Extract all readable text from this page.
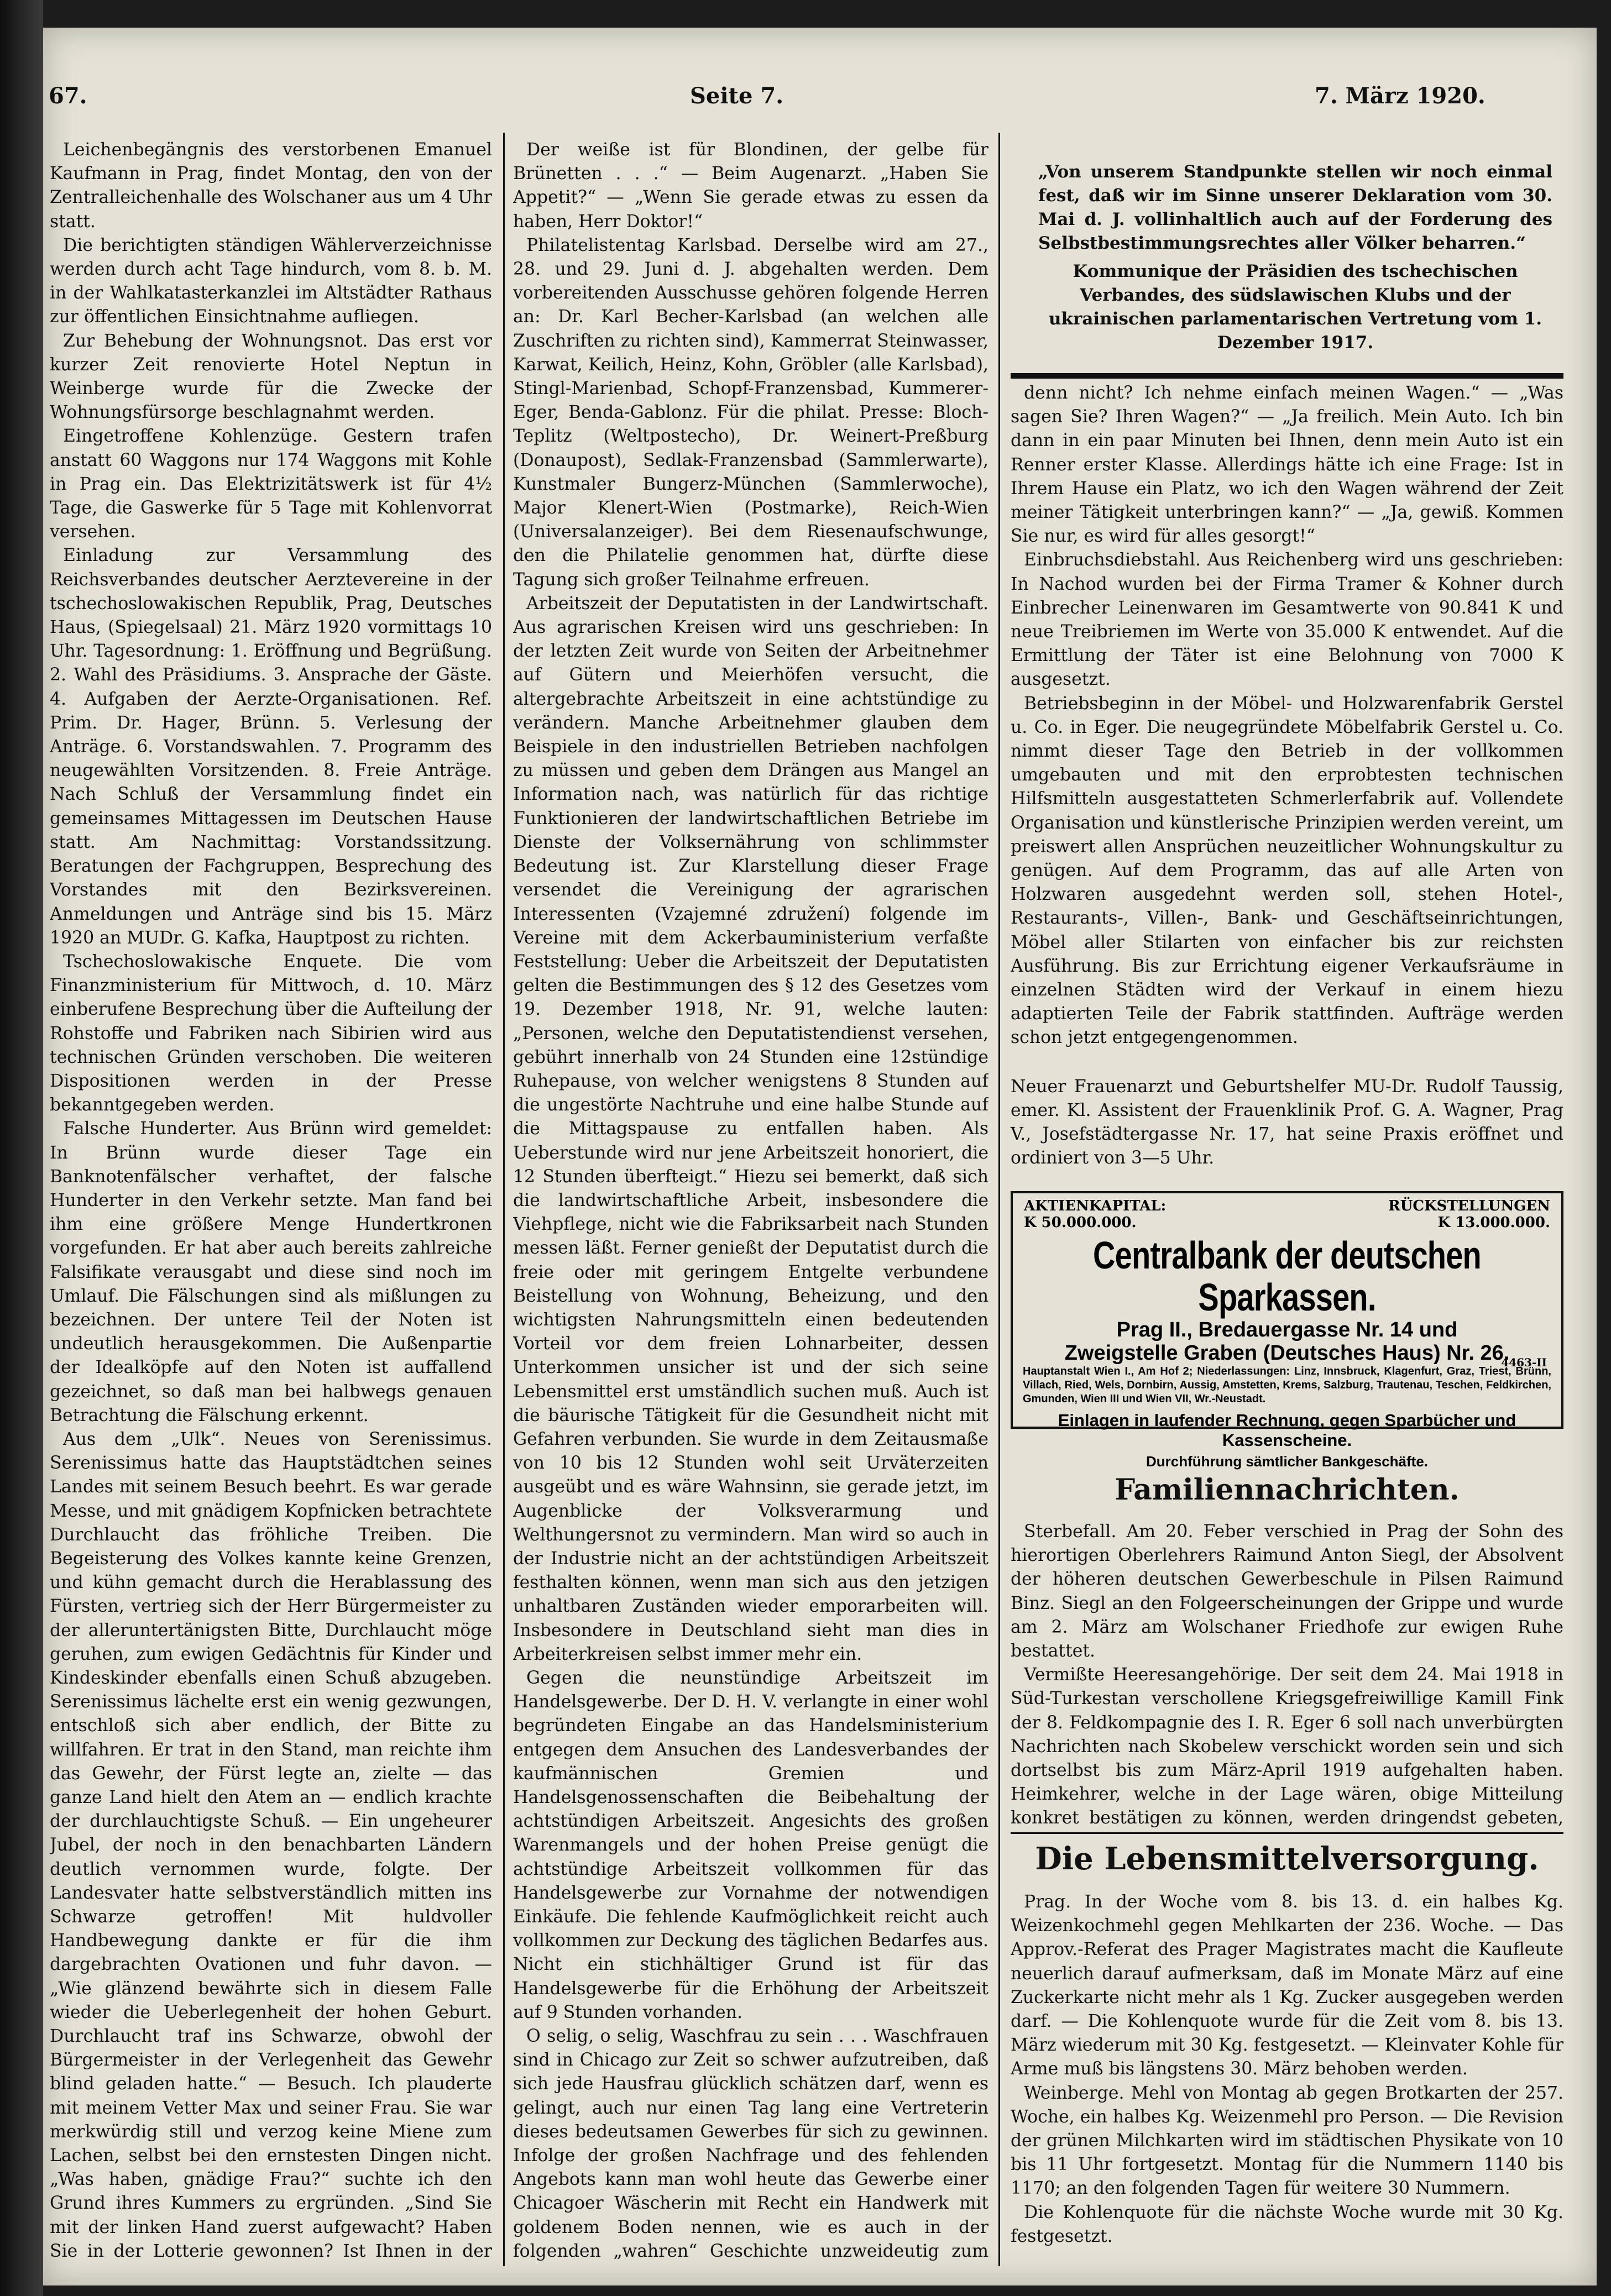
67.	Seite 7.	7. März 1920.

Leichenbegängnis des verstorbenen Emanuel Kaufmann in Prag, findet Montag, den von der Zentralleichenhalle des Wolschaner aus um 4 Uhr statt.

Die berichtigten ständigen Wählerverzeichnisse werden durch acht Tage hindurch, vom 8. b. M. in der Wahlkatasterkanzlei im Altstädter Rathaus zur öffentlichen Einsichtnahme aufliegen.

Zur Behebung der Wohnungsnot. Das erst vor kurzer Zeit renovierte Hotel Neptun in Weinberge wurde für die Zwecke der Wohnungsfürsorge beschlagnahmt werden.

Eingetroffene Kohlenzüge. Gestern trafen anstatt 60 Waggons nur 174 Waggons mit Kohle in Prag ein. Das Elektrizitätswerk ist für 4½ Tage, die Gaswerke für 5 Tage mit Kohlenvorrat versehen.

Einladung zur Versammlung des Reichsverbandes deutscher Aerztevereine in der tschechoslowakischen Republik, Prag, Deutsches Haus, (Spiegelsaal) 21. März 1920 vormittags 10 Uhr. Tagesordnung: 1. Eröffnung und Begrüßung. 2. Wahl des Präsidiums. 3. Ansprache der Gäste. 4. Aufgaben der Aerzte-Organisationen. Ref. Prim. Dr. Hager, Brünn. 5. Verlesung der Anträge. 6. Vorstandswahlen. 7. Programm des neugewählten Vorsitzenden. 8. Freie Anträge. Nach Schluß der Versammlung findet ein gemeinsames Mittagessen im Deutschen Hause statt. Am Nachmittag: Vorstandssitzung. Beratungen der Fachgruppen, Besprechung des Vorstandes mit den Bezirksvereinen. Anmeldungen und Anträge sind bis 15. März 1920 an MUDr. G. Kafka, Hauptpost zu richten.

Tschechoslowakische Enquete. Die vom Finanzministerium für Mittwoch, d. 10. März einberufene Besprechung über die Aufteilung der Rohstoffe und Fabriken nach Sibirien wird aus technischen Gründen verschoben. Die weiteren Dispositionen werden in der Presse bekanntgegeben werden.

Falsche Hunderter. Aus Brünn wird gemeldet: In Brünn wurde dieser Tage ein Banknotenfälscher verhaftet, der falsche Hunderter in den Verkehr setzte. Man fand bei ihm eine größere Menge Hundertkronen vorgefunden. Er hat aber auch bereits zahlreiche Falsifikate verausgabt und diese sind noch im Umlauf. Die Fälschungen sind als mißlungen zu bezeichnen. Der untere Teil der Noten ist undeutlich herausgekommen. Die Außenpartie der Idealköpfe auf den Noten ist auffallend gezeichnet, so daß man bei halbwegs genauen Betrachtung die Fälschung erkennt.

Aus dem „Ulk“. Neues von Serenissimus. Serenissimus hatte das Hauptstädtchen seines Landes mit seinem Besuch beehrt. Es war gerade Messe, und mit gnädigem Kopfnicken betrachtete Durchlaucht das fröhliche Treiben. Die Begeisterung des Volkes kannte keine Grenzen, und kühn gemacht durch die Herablassung des Fürsten, vertrieg sich der Herr Bürgermeister zu der alleruntertänigsten Bitte, Durchlaucht möge geruhen, zum ewigen Gedächtnis für Kinder und Kindeskinder ebenfalls einen Schuß abzugeben. Serenissimus lächelte erst ein wenig gezwungen, entschloß sich aber endlich, der Bitte zu willfahren. Er trat in den Stand, man reichte ihm das Gewehr, der Fürst legte an, zielte — das ganze Land hielt den Atem an — endlich krachte der durchlauchtigste Schuß. — Ein ungeheurer Jubel, der noch in den benachbarten Ländern deutlich vernommen wurde, folgte. Der Landesvater hatte selbstverständlich mitten ins Schwarze getroffen! Mit huldvoller Handbewegung dankte er für die ihm dargebrachten Ovationen und fuhr davon. — „Wie glänzend bewährte sich in diesem Falle wieder die Ueberlegenheit der hohen Geburt. Durchlaucht traf ins Schwarze, obwohl der Bürgermeister in der Verlegenheit das Gewehr blind geladen hatte.“ — Besuch. Ich plauderte mit meinem Vetter Max und seiner Frau. Sie war merkwürdig still und verzog keine Miene zum Lachen, selbst bei den ernstesten Dingen nicht. „Was haben, gnädige Frau?“ suchte ich den Grund ihres Kummers zu ergründen. „Sind Sie mit der linken Hand zuerst aufgewacht? Haben Sie in der Lotterie gewonnen? Ist Ihnen in der

Der weiße ist für Blondinen, der gelbe für Brünetten . . .“ — Beim Augenarzt. „Haben Sie Appetit?“ — „Wenn Sie gerade etwas zu essen da haben, Herr Doktor!“

Philatelistentag Karlsbad. Derselbe wird am 27., 28. und 29. Juni d. J. abgehalten werden. Dem vorbereitenden Ausschusse gehören folgende Herren an: Dr. Karl Becher-Karlsbad (an welchen alle Zuschriften zu richten sind), Kammerrat Steinwasser, Karwat, Keilich, Heinz, Kohn, Gröbler (alle Karlsbad), Stingl-Marienbad, Schopf-Franzensbad, Kummerer-Eger, Benda-Gablonz. Für die philat. Presse: Bloch-Teplitz (Weltpostecho), Dr. Weinert-Preßburg (Donaupost), Sedlak-Franzensbad (Sammlerwarte), Kunstmaler Bungerz-München (Sammlerwoche), Major Klenert-Wien (Postmarke), Reich-Wien (Universalanzeiger). Bei dem Riesenaufschwunge, den die Philatelie genommen hat, dürfte diese Tagung sich großer Teilnahme erfreuen.

Arbeitszeit der Deputatisten in der Landwirtschaft. Aus agrarischen Kreisen wird uns geschrieben: In der letzten Zeit wurde von Seiten der Arbeitnehmer auf Gütern und Meierhöfen versucht, die altergebrachte Arbeitszeit in eine achtstündige zu verändern. Manche Arbeitnehmer glauben dem Beispiele in den industriellen Betrieben nachfolgen zu müssen und geben dem Drängen aus Mangel an Information nach, was natürlich für das richtige Funktionieren der landwirtschaftlichen Betriebe im Dienste der Volksernährung von schlimmster Bedeutung ist. Zur Klarstellung dieser Frage versendet die Vereinigung der agrarischen Interessenten (Vzajemné združení) folgende im Vereine mit dem Ackerbauministerium verfaßte Feststellung: Ueber die Arbeitszeit der Deputatisten gelten die Bestimmungen des § 12 des Gesetzes vom 19. Dezember 1918, Nr. 91, welche lauten: „Personen, welche den Deputatistendienst versehen, gebührt innerhalb von 24 Stunden eine 12stündige Ruhepause, von welcher wenigstens 8 Stunden auf die ungestörte Nachtruhe und eine halbe Stunde auf die Mittagspause zu entfallen haben. Als Ueberstunde wird nur jene Arbeitszeit honoriert, die 12 Stunden überfteigt.“ Hiezu sei bemerkt, daß sich die landwirtschaftliche Arbeit, insbesondere die Viehpflege, nicht wie die Fabriksarbeit nach Stunden messen läßt. Ferner genießt der Deputatist durch die freie oder mit geringem Entgelte verbundene Beistellung von Wohnung, Beheizung, und den wichtigsten Nahrungsmitteln einen bedeutenden Vorteil vor dem freien Lohnarbeiter, dessen Unterkommen unsicher ist und der sich seine Lebensmittel erst umständlich suchen muß. Auch ist die bäurische Tätigkeit für die Gesundheit nicht mit Gefahren verbunden. Sie wurde in dem Zeitausmaße von 10 bis 12 Stunden wohl seit Urväterzeiten ausgeübt und es wäre Wahnsinn, sie gerade jetzt, im Augenblicke der Volksverarmung und Welthungersnot zu vermindern. Man wird so auch in der Industrie nicht an der achtstündigen Arbeitszeit festhalten können, wenn man sich aus den jetzigen unhaltbaren Zuständen wieder emporarbeiten will. Insbesondere in Deutschland sieht man dies in Arbeiterkreisen selbst immer mehr ein.

Gegen die neunstündige Arbeitszeit im Handelsgewerbe. Der D. H. V. verlangte in einer wohl begründeten Eingabe an das Handelsministerium entgegen dem Ansuchen des Landesverbandes der kaufmännischen Gremien und Handelsgenossenschaften die Beibehaltung der achtstündigen Arbeitszeit. Angesichts des großen Warenmangels und der hohen Preise genügt die achtstündige Arbeitszeit vollkommen für das Handelsgewerbe zur Vornahme der notwendigen Einkäufe. Die fehlende Kaufmöglichkeit reicht auch vollkommen zur Deckung des täglichen Bedarfes aus. Nicht ein stichhältiger Grund ist für das Handelsgewerbe für die Erhöhung der Arbeitszeit auf 9 Stunden vorhanden.

O selig, o selig, Waschfrau zu sein . . . Waschfrauen sind in Chicago zur Zeit so schwer aufzutreiben, daß sich jede Hausfrau glücklich schätzen darf, wenn es gelingt, auch nur einen Tag lang eine Vertreterin dieses bedeutsamen Gewerbes für sich zu gewinnen. Infolge der großen Nachfrage und des fehlenden Angebots kann man wohl heute das Gewerbe einer Chicagoer Wäscherin mit Recht ein Handwerk mit goldenem Boden nennen, wie es auch in der folgenden „wahren“ Geschichte unzweideutig zum

„Von unserem Standpunkte stellen wir noch einmal fest, daß wir im Sinne unserer Deklaration vom 30. Mai d. J. vollinhaltlich auch auf der Forderung des Selbstbestimmungsrechtes aller Völker beharren.“
Kommunique der Präsidien des tschechischen Verbandes, des südslawischen Klubs und der ukrainischen parlamentarischen Vertretung vom 1. Dezember 1917.

denn nicht? Ich nehme einfach meinen Wagen.“ — „Was sagen Sie? Ihren Wagen?“ — „Ja freilich. Mein Auto. Ich bin dann in ein paar Minuten bei Ihnen, denn mein Auto ist ein Renner erster Klasse. Allerdings hätte ich eine Frage: Ist in Ihrem Hause ein Platz, wo ich den Wagen während der Zeit meiner Tätigkeit unterbringen kann?“ — „Ja, gewiß. Kommen Sie nur, es wird für alles gesorgt!“

Einbruchsdiebstahl. Aus Reichenberg wird uns geschrieben: In Nachod wurden bei der Firma Tramer & Kohner durch Einbrecher Leinenwaren im Gesamtwerte von 90.841 K und neue Treibriemen im Werte von 35.000 K entwendet. Auf die Ermittlung der Täter ist eine Belohnung von 7000 K ausgesetzt.

Betriebsbeginn in der Möbel- und Holzwarenfabrik Gerstel u. Co. in Eger. Die neugegründete Möbelfabrik Gerstel u. Co. nimmt dieser Tage den Betrieb in der vollkommen umgebauten und mit den erprobtesten technischen Hilfsmitteln ausgestatteten Schmerlerfabrik auf. Vollendete Organisation und künstlerische Prinzipien werden vereint, um preiswert allen Ansprüchen neuzeitlicher Wohnungskultur zu genügen. Auf dem Programm, das auf alle Arten von Holzwaren ausgedehnt werden soll, stehen Hotel-, Restaurants-, Villen-, Bank- und Geschäftseinrichtungen, Möbel aller Stilarten von einfacher bis zur reichsten Ausführung. Bis zur Errichtung eigener Verkaufsräume in einzelnen Städten wird der Verkauf in einem hiezu adaptierten Teile der Fabrik stattfinden. Aufträge werden schon jetzt entgegengenommen.

Neuer Frauenarzt und Geburtshelfer MU-Dr. Rudolf Taussig, emer. Kl. Assistent der Frauenklinik Prof. G. A. Wagner, Prag V., Josefstädtergasse Nr. 17, hat seine Praxis eröffnet und ordiniert von 3—5 Uhr.
AKTIENKAPITAL:	RÜCKSTELLUNGEN
K 50.000.000.	K 13.000.000.
Centralbank der deutschen Sparkassen.
Prag II., Bredauergasse Nr. 14 und
Zweigstelle Graben (Deutsches Haus) Nr. 26.
Hauptanstalt Wien I., Am Hof 2; Niederlassungen: Linz, Innsbruck, Klagenfurt, Graz, Triest, Brünn, Villach, Ried, Wels, Dornbirn, Aussig, Amstetten, Krems, Salzburg, Trautenau, Teschen, Feldkirchen, Gmunden, Wien III und Wien VII, Wr.-Neustadt.
Einlagen in laufender Rechnung, gegen Sparbücher und Kassenscheine.
Durchführung sämtlicher Bankgeschäfte.
4463-II
Familiennachrichten.

Sterbefall. Am 20. Feber verschied in Prag der Sohn des hierortigen Oberlehrers Raimund Anton Siegl, der Absolvent der höheren deutschen Gewerbeschule in Pilsen Raimund Binz. Siegl an den Folgeerscheinungen der Grippe und wurde am 2. März am Wolschaner Friedhofe zur ewigen Ruhe bestattet.

Vermißte Heeresangehörige. Der seit dem 24. Mai 1918 in Süd-Turkestan verschollene Kriegsgefreiwillige Kamill Fink der 8. Feldkompagnie des I. R. Eger 6 soll nach unverbürgten Nachrichten nach Skobelew verschickt worden sein und sich dortselbst bis zum März-April 1919 aufgehalten haben. Heimkehrer, welche in der Lage wären, obige Mitteilung konkret bestätigen zu können, werden dringendst gebeten,

Die Lebensmittelversorgung.

Prag. In der Woche vom 8. bis 13. d. ein halbes Kg. Weizenkochmehl gegen Mehlkarten der 236. Woche. — Das Approv.-Referat des Prager Magistrates macht die Kaufleute neuerlich darauf aufmerksam, daß im Monate März auf eine Zuckerkarte nicht mehr als 1 Kg. Zucker ausgegeben werden darf. — Die Kohlenquote wurde für die Zeit vom 8. bis 13. März wiederum mit 30 Kg. festgesetzt. — Kleinvater Kohle für Arme muß bis längstens 30. März behoben werden.

Weinberge. Mehl von Montag ab gegen Brotkarten der 257. Woche, ein halbes Kg. Weizenmehl pro Person. — Die Revision der grünen Milchkarten wird im städtischen Physikate von 10 bis 11 Uhr fortgesetzt. Montag für die Nummern 1140 bis 1170; an den folgenden Tagen für weitere 30 Nummern.

Die Kohlenquote für die nächste Woche wurde mit 30 Kg. festgesetzt.
